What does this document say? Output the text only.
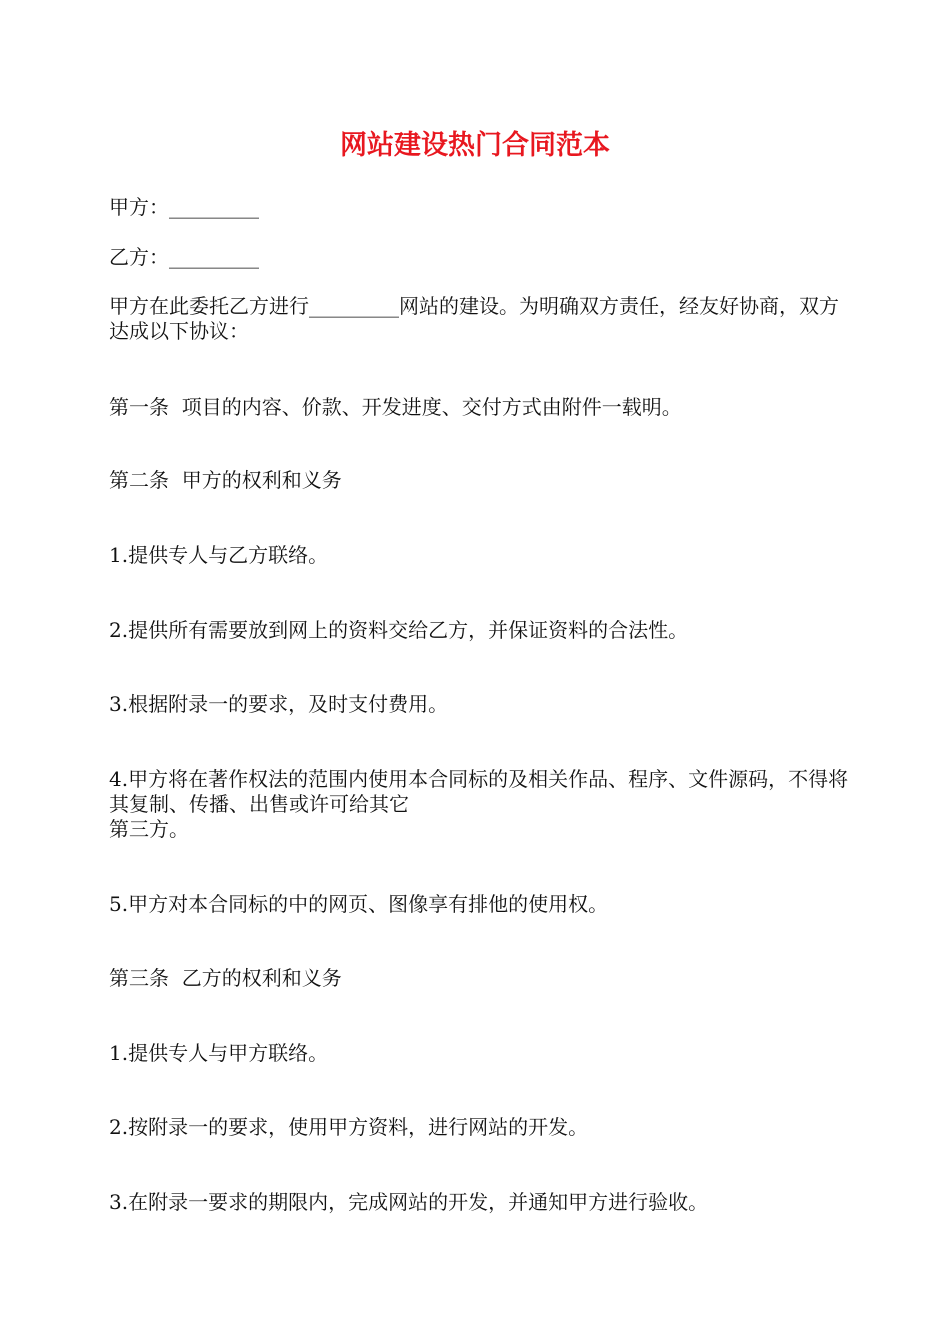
网站建设热门合同范本
甲方：_________
乙方：_________
甲方在此委托乙方进行_________网站的建设。为明确双方责任，经友好协商，双方达成以下协议：
第一条  项目的内容、价款、开发进度、交付方式由附件一载明。
第二条  甲方的权利和义务
1.提供专人与乙方联络。
2.提供所有需要放到网上的资料交给乙方，并保证资料的合法性。
3.根据附录一的要求，及时支付费用。
4.甲方将在著作权法的范围内使用本合同标的及相关作品、程序、文件源码，不得将其复制、传播、出售或许可给其它
第三方。
5.甲方对本合同标的中的网页、图像享有排他的使用权。
第三条  乙方的权利和义务
1.提供专人与甲方联络。
2.按附录一的要求，使用甲方资料，进行网站的开发。
3.在附录一要求的期限内，完成网站的开发，并通知甲方进行验收。
